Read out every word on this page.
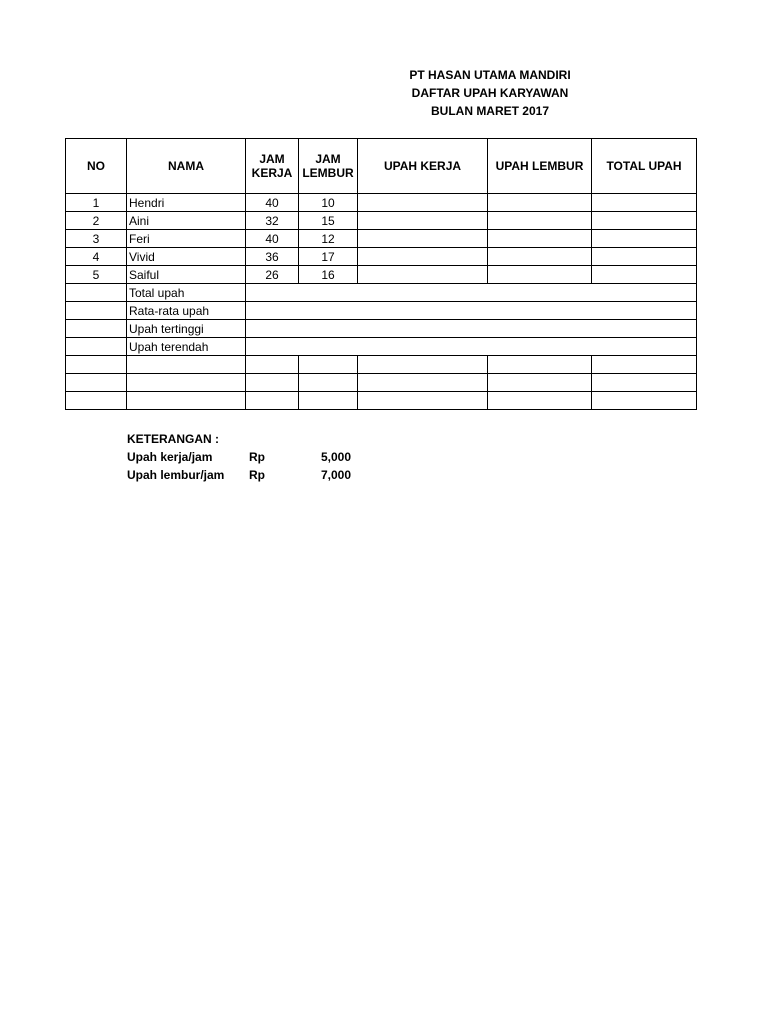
PT HASAN UTAMA MANDIRI
DAFTAR UPAH KARYAWAN
BULAN MARET 2017
NO	NAMA	JAM KERJA	JAM LEMBUR	UPAH KERJA	UPAH LEMBUR	TOTAL UPAH
1	Hendri	40	10			
2	Aini	32	15			
3	Feri	40	12			
4	Vivid	36	17			
5	Saiful	26	16			
	Total upah					
	Rata-rata upah					
	Upah tertinggi					
	Upah terendah					

KETERANGAN :
Upah kerja/jam	Rp	5,000
Upah lembur/jam Rp	7,000
